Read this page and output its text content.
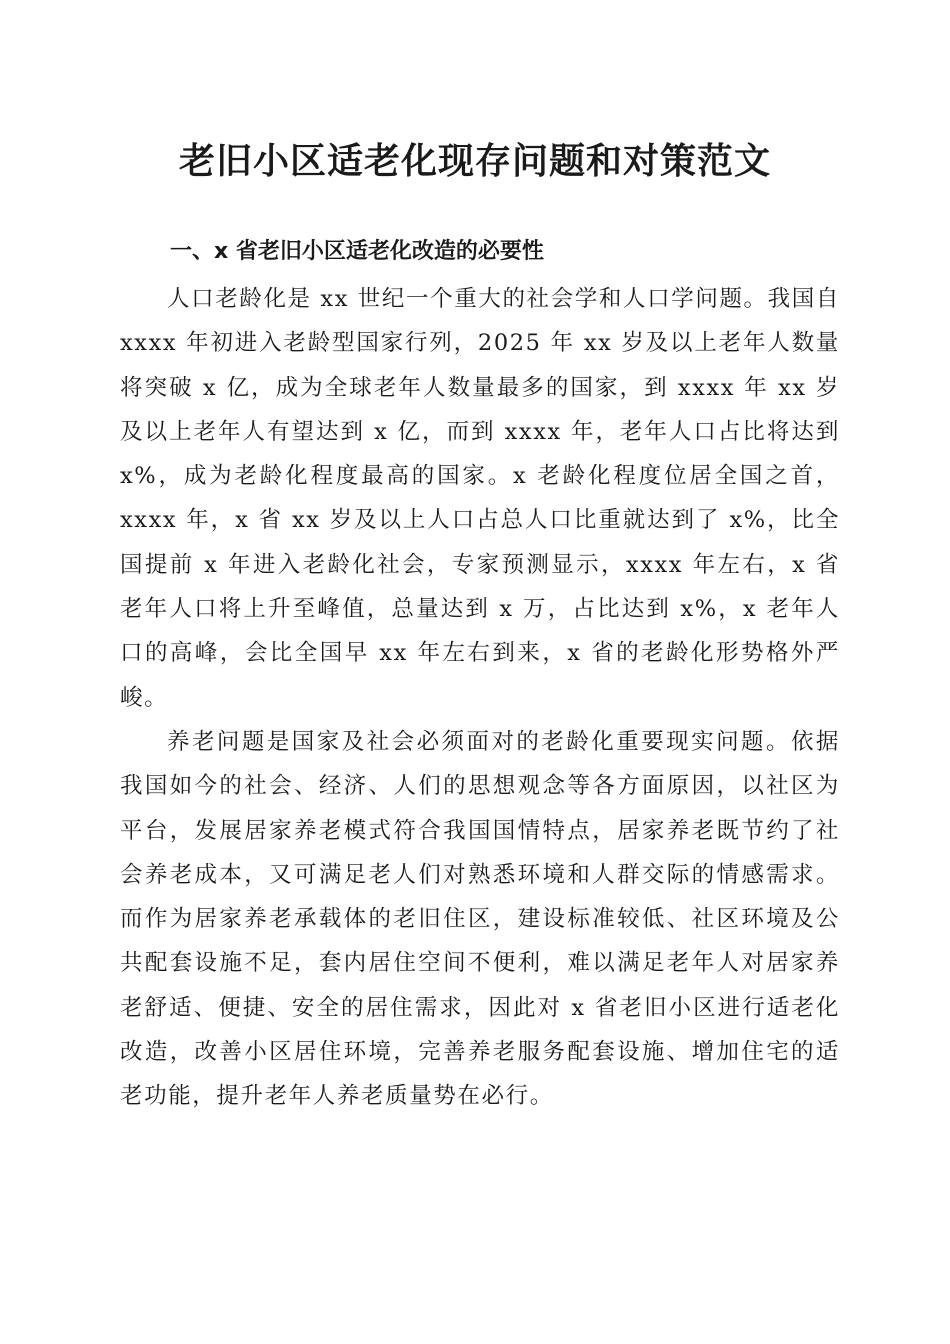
老旧小区适老化现存问题和对策范文
一、x 省老旧小区适老化改造的必要性

人口老龄化是 xx 世纪一个重大的社会学和人口学问题。我国自 xxxx 年初进入老龄型国家行列，2025 年 xx 岁及以上老年人数量将突破 x 亿，成为全球老年人数量最多的国家，到 xxxx 年 xx 岁及以上老年人有望达到 x 亿，而到 xxxx 年，老年人口占比将达到 x%，成为老龄化程度最高的国家。x 老龄化程度位居全国之首，xxxx 年，x 省 xx 岁及以上人口占总人口比重就达到了 x%，比全国提前 x 年进入老龄化社会，专家预测显示，xxxx 年左右，x 省老年人口将上升至峰值，总量达到 x 万，占比达到 x%，x 老年人口的高峰，会比全国早 xx 年左右到来，x 省的老龄化形势格外严峻。

养老问题是国家及社会必须面对的老龄化重要现实问题。依据我国如今的社会、经济、人们的思想观念等各方面原因，以社区为平台，发展居家养老模式符合我国国情特点，居家养老既节约了社会养老成本，又可满足老人们对熟悉环境和人群交际的情感需求。而作为居家养老承载体的老旧住区，建设标准较低、社区环境及公共配套设施不足，套内居住空间不便利，难以满足老年人对居家养老舒适、便捷、安全的居住需求，因此对 x 省老旧小区进行适老化改造，改善小区居住环境，完善养老服务配套设施、增加住宅的适老功能，提升老年人养老质量势在必行。
